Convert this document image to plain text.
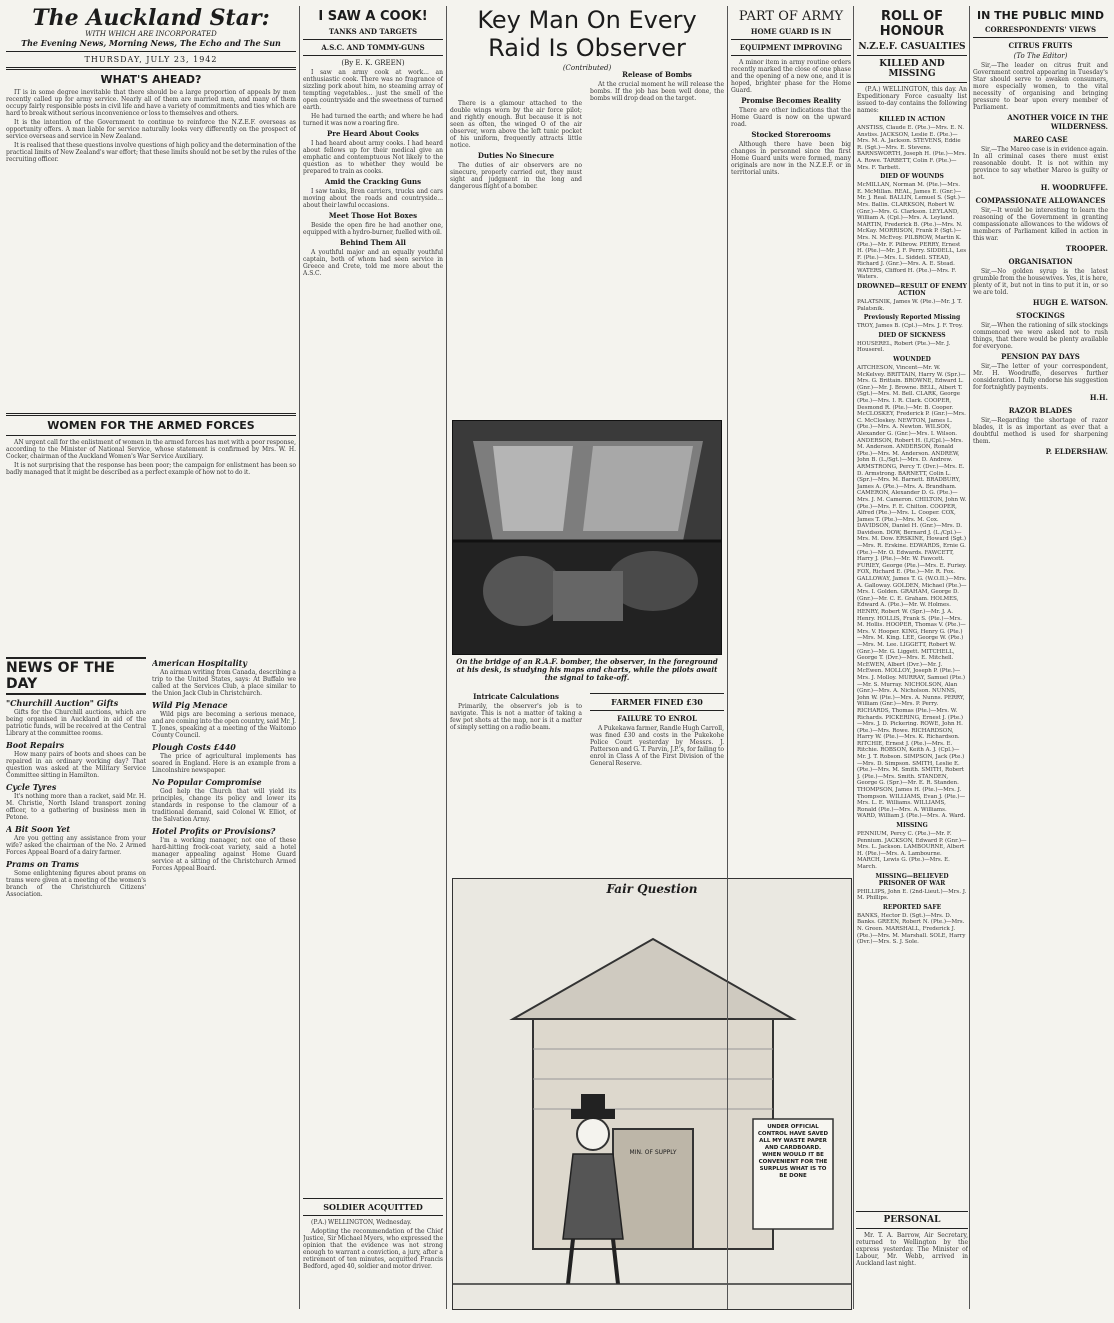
The Auckland Star:
WITH WHICH ARE INCORPORATED
The Evening News, Morning News, The Echo and The Sun
THURSDAY, JULY 23, 1942
WHAT'S AHEAD?

IT is in some degree inevitable that there should be a large proportion of appeals by men recently called up for army service. Nearly all of them are married men, and many of them occupy fairly responsible posts in civil life and have a variety of commitments and ties which are hard to break without serious inconvenience or loss to themselves and others.

It is the intention of the Government to continue to reinforce the N.Z.E.F. overseas as opportunity offers. A man liable for service naturally looks very differently on the prospect of service overseas and service in New Zealand.

It is realised that these questions involve questions of high policy and the determination of the practical limits of New Zealand's war effort; that these limits should not be set by the rules of the recruiting officer.

WOMEN FOR THE ARMED FORCES

AN urgent call for the enlistment of women in the armed forces has met with a poor response, according to the Minister of National Service, whose statement is confirmed by Mrs. W. H. Cocker, chairman of the Auckland Women's War Service Auxiliary.

It is not surprising that the response has been poor; the campaign for enlistment has been so badly managed that it might be described as a perfect example of how not to do it.

NEWS OF THE DAY
"Churchill Auction" Gifts

Gifts for the Churchill auctions, which are being organised in Auckland in aid of the patriotic funds, will be received at the Central Library at the committee rooms.

Boot Repairs

How many pairs of boots and shoes can be repaired in an ordinary working day? That question was asked at the Military Service Committee sitting in Hamilton.

Cycle Tyres

It's nothing more than a racket, said Mr. H. M. Christie, North Island transport zoning officer, to a gathering of business men in Petone.

A Bit Soon Yet

Are you getting any assistance from your wife? asked the chairman of the No. 2 Armed Forces Appeal Board of a dairy farmer.

Prams on Trams

Some enlightening figures about prams on trams were given at a meeting of the women's branch of the Christchurch Citizens' Association.

American Hospitality

An airman writing from Canada, describing a trip to the United States, says: At Buffalo we called at the Services Club, a place similar to the Union Jack Club in Christchurch.

Wild Pig Menace

Wild pigs are becoming a serious menace, and are coming into the open country, said Mr. J. T. Jones, speaking at a meeting of the Waitomo County Council.

Plough Costs £440

The price of agricultural implements has soared in England. Here is an example from a Lincolnshire newspaper.

No Popular Compromise

God help the Church that will yield its principles, change its policy and lower its standards in response to the clamour of a traditional demand, said Colonel W. Elliot, of the Salvation Army.

Hotel Profits or Provisions?

I'm a working manager, not one of these hard-hitting frock-coat variety, said a hotel manager appealing against Home Guard service at a sitting of the Christchurch Armed Forces Appeal Board.

I SAW A COOK!
TANKS AND TARGETS
A.S.C. AND TOMMY-GUNS
(By E. K. GREEN)

I saw an army cook at work... an enthusiastic cook. There was no fragrance of sizzling pork about him, no steaming array of tempting vegetables... just the smell of the open countryside and the sweetness of turned earth.

He had turned the earth; and where he had turned it was now a roaring fire.

Pre Heard About Cooks

I had heard about army cooks. I had heard about fellows up for their medical give an emphatic and contemptuous Not likely to the question as to whether they would be prepared to train as cooks.

Amid the Cracking Guns

I saw tanks, Bren carriers, trucks and cars moving about the roads and countryside... about their lawful occasions.

Meet Those Hot Boxes

Beside the open fire he had another one, equipped with a hydro-burner, fuelled with oil.

Behind Them All

A youthful major and an equally youthful captain, both of whom had seen service in Greece and Crete, told me more about the A.S.C.

SOLDIER ACQUITTED

(P.A.) WELLINGTON, Wednesday.

Adopting the recommendation of the Chief Justice, Sir Michael Myers, who expressed the opinion that the evidence was not strong enough to warrant a conviction, a jury, after a retirement of ten minutes, acquitted Francis Bedford, aged 40, soldier and motor driver.

Key Man On Every Raid Is Observer
(Contributed)

There is a glamour attached to the double wings worn by the air force pilot; and rightly enough. But because it is not seen as often, the winged O of the air observer, worn above the left tunic pocket of his uniform, frequently attracts little notice.

Duties No Sinecure

The duties of air observers are no sinecure, properly carried out, they must sight and judgment in the long and dangerous flight of a bomber.

Release of Bombs

At the crucial moment he will release the bombs. If the job has been well done, the bombs will drop dead on the target.

On the bridge of an R.A.F. bomber, the observer, in the foreground at his desk, is studying his maps and charts, while the pilots await the signal to take-off.
Intricate Calculations

Primarily, the observer's job is to navigate. This is not a matter of taking a few pot shots at the map, nor is it a matter of simply setting on a radio beam.

FARMER FINED £30
FAILURE TO ENROL

A Pukekawa farmer, Randle Hugh Carroll, was fined £30 and costs in the Pukekohe Police Court yesterday by Messrs. J. Patterson and G. T. Parvin, J.P.'s, for failing to enrol in Class A of the First Division of the General Reserve.

Fair Question
UNDER OFFICIAL CONTROL HAVE SAVED ALL MY WASTE PAPER AND CARDBOARD. WHEN WOULD IT BE CONVENIENT FOR THE SURPLUS WHAT IS TO BE DONE
MIN. OF SUPPLY
PART OF ARMY
HOME GUARD IS IN
EQUIPMENT IMPROVING

A minor item in army routine orders recently marked the close of one phase and the opening of a new one, and it is hoped, brighter phase for the Home Guard.

Promise Becomes Reality

There are other indications that the Home Guard is now on the upward road.

Stocked Storerooms

Although there have been big changes in personnel since the first Home Guard units were formed, many originals are now in the N.Z.E.F. or in territorial units.

PERSONAL

Mr. T. A. Barrow, Air Secretary, returned to Wellington by the express yesterday. The Minister of Labour, Mr. Webb, arrived in Auckland last night.

ROLL OF HONOUR
N.Z.E.F. CASUALTIES
KILLED AND MISSING

(P.A.) WELLINGTON, this day. An Expeditionary Force casualty list issued to-day contains the following names:

KILLED IN ACTION
ANSTISS, Claude E. (Pte.)—Mrs. E. N. Anstiss. JACKSON, Leslie E. (Pte.)—Mrs. M. A. Jackson. STEVENS, Eddie R. (Sgt.)—Mrs. E. Stevens. BARNSWORTH, Joseph H. (Pte.)—Mrs. A. Rowe. TARBETT, Colin F. (Pte.)—Mrs. F. Tarbett.
DIED OF WOUNDS
McMILLAN, Norman M. (Pte.)—Mrs. E. McMillan. REAL, James E. (Gnr.)—Mr. J. Real. BALLIN, Lemuel S. (Sgt.)—Mrs. Ballin. CLARKSON, Robert W. (Gnr.)—Mrs. G. Clarkson. LEYLAND, William A. (Cpl.)—Mrs. A. Leyland. MARTIN, Frederick B. (Pte.)—Mrs. N. McKay. MORRISON, Frank P. (Sgt.)—Mrs. N. McEvoy. PILBROW, Martin K. (Pte.)—Mr. F. Pilbrow. PERRY, Ernest H. (Pte.)—Mr. J. F. Perry. SIDDELL, Les F. (Pte.)—Mrs. L. Siddell. STEAD, Richard J. (Gnr.)—Mrs. A. E. Stead. WATERS, Clifford H. (Pte.)—Mrs. F. Waters.
DROWNED—RESULT OF ENEMY ACTION
PALATSNIK, James W. (Pte.)—Mr. J. T. Palatsnik.
Previously Reported Missing
TROY, James B. (Cpl.)—Mrs. J. F. Troy.
DIED OF SICKNESS
HOUSEREL, Robert (Pte.)—Mr. J. Houserel.
WOUNDED
AITCHESON, Vincent—Mr. W. McKelvey. BRITTAIN, Harry W. (Spr.)—Mrs. G. Brittain. BROWNE, Edward L. (Gnr.)—Mr. J. Browne. BELL, Albert T. (Sgt.)—Mrs. M. Bell. CLARK, George (Pte.)—Mrs. I. R. Clark. COOPER, Desmond R. (Pte.)—Mr. B. Cooper. McCLOSKEY, Frederick P. (Gnr.)—Mrs. C. McCloskey. NEWTON, James L. (Pte.)—Mrs. A. Newton. WILSON, Alexander G. (Gnr.)—Mrs. I. Wilson. ANDERSON, Robert H. (L/Cpl.)—Mrs. M. Anderson. ANDERSON, Ronald (Pte.)—Mrs. M. Anderson. ANDREW, John B. (L./Sgt.)—Mrs. D. Andrew. ARMSTRONG, Percy T. (Dvr.)—Mrs. E. D. Armstrong. BARNETT, Colin L. (Spr.)—Mrs. M. Barnett. BRADBURY, James A. (Pte.)—Mrs. A. Brandham. CAMERON, Alexander D. G. (Pte.)—Mrs. J. M. Cameron. CHILTON, John W. (Pte.)—Mrs. F. E. Chilton. COOPER, Alfred (Pte.)—Mrs. L. Cooper. COX, James T. (Pte.)—Mrs. M. Cox. DAVIDSON, Daniel H. (Gnr.)—Mrs. D. Davidson. DOW, Bernard J. (L./Cpl.)—Mrs. M. Dow. ERSKINE, Howard (Sgt.)—Mrs. R. Erskine. EDWARDS, Ernie G. (Pte.)—Mr. O. Edwards. FAWCETT, Harry J. (Pte.)—Mr. W. Fawcett. FURIEY, George (Pte.)—Mrs. E. Furiey. FOX, Richard E. (Pte.)—Mr. R. Fox. GALLOWAY, James T. G. (W.O.II.)—Mrs. A. Galloway. GOLDEN, Michael (Pte.)—Mrs. I. Golden. GRAHAM, George D. (Gnr.)—Mr. C. E. Graham. HOLMES, Edward A. (Pte.)—Mr. W. Holmes. HENRY, Robert W. (Spr.)—Mr. J. A. Henry. HOLLIS, Frank S. (Pte.)—Mrs. M. Hollis. HOOPER, Thomas V. (Pte.)—Mrs. V. Hooper. KING, Henry G. (Pte.)—Mrs. M. King. LEE, George W. (Pte.)—Mrs. M. Lee. LIGGETT, Robert W. (Gnr.)—Mr. G. Liggett. MITCHELL, George T. (Dvr.)—Mrs. E. Mitchell. McEWEN, Albert (Dvr.)—Mr. J. McEwen. MOLLOY, Joseph P. (Pte.)—Mrs. J. Molloy. MURRAY, Samuel (Pte.)—Mr. S. Murray. NICHOLSON, Alan (Gnr.)—Mrs. A. Nicholson. NUNNS, John W. (Pte.)—Mrs. A. Nunns. PERRY, William (Gnr.)—Mrs. P. Perry. RICHARDS, Thomas (Pte.)—Mrs. W. Richards. PICKERING, Ernest J. (Pte.)—Mrs. J. D. Pickering. ROWE, John H. (Pte.)—Mrs. Rowe. RICHARDSON, Harry W. (Pte.)—Mrs. K. Richardson. RITCHIE, Ernest J. (Pte.)—Mrs. E. Ritchie. ROBSON, Keith A. J. (Cpl.)—Mr. J. T. Robson. SIMPSON, Jack (Pte.)—Mrs. D. Simpson. SMITH, Leslie E. (Pte.)—Mrs. M. Smith. SMITH, Robert J. (Pte.)—Mrs. Smith. STANDEN, George G. (Spr.)—Mr. E. R. Standen. THOMPSON, James H. (Pte.)—Mrs. J. Thompson. WILLIAMS, Evan J. (Pte.)—Mrs. L. E. Williams. WILLIAMS, Ronald (Pte.)—Mrs. A. Williams. WARD, William J. (Pte.)—Mrs. A. Ward.
MISSING
PENNIUM, Percy C. (Pte.)—Mr. F. Pennium. JACKSON, Edward P. (Gnr.)—Mrs. L. Jackson. LAMBOURNE, Albert H. (Pte.)—Mrs. A. Lambourne. MARCH, Lewis G. (Pte.)—Mrs. E. March.
MISSING—BELIEVED PRISONER OF WAR
PHILLIPS, John E. (2nd-Lieut.)—Mrs. J. M. Phillips.
REPORTED SAFE
BANKS, Hector D. (Sgt.)—Mrs. D. Banks. GREEN, Robert N. (Pte.)—Mrs. N. Green. MARSHALL, Frederick J. (Pte.)—Mrs. M. Marshall. SOLE, Harry (Dvr.)—Mrs. S. J. Sole.
IN THE PUBLIC MIND
CORRESPONDENTS' VIEWS
CITRUS FRUITS
(To The Editor)

Sir,—The leader on citrus fruit and Government control appearing in Tuesday's Star should serve to awaken consumers, more especially women, to the vital necessity of organising and bringing pressure to bear upon every member of Parliament.

ANOTHER VOICE IN THE WILDERNESS.
MAREO CASE

Sir,—The Mareo case is in evidence again. In all criminal cases there must exist reasonable doubt. It is not within my province to say whether Mareo is guilty or not.

H. WOODRUFFE.
COMPASSIONATE ALLOWANCES

Sir,—It would be interesting to learn the reasoning of the Government in granting compassionate allowances to the widows of members of Parliament killed in action in this war.

TROOPER.
ORGANISATION

Sir,—No golden syrup is the latest grumble from the housewives. Yes, it is here, plenty of it, but not in tins to put it in, or so we are told.

HUGH E. WATSON.
STOCKINGS

Sir,—When the rationing of silk stockings commenced we were asked not to rush things, that there would be plenty available for everyone.

PENSION PAY DAYS

Sir,—The letter of your correspondent, Mr. H. Woodruffe, deserves further consideration. I fully endorse his suggestion for fortnightly payments.

H.H.
RAZOR BLADES

Sir,—Regarding the shortage of razor blades, it is as important as ever that a doubtful method is used for sharpening them.

P. ELDERSHAW.
